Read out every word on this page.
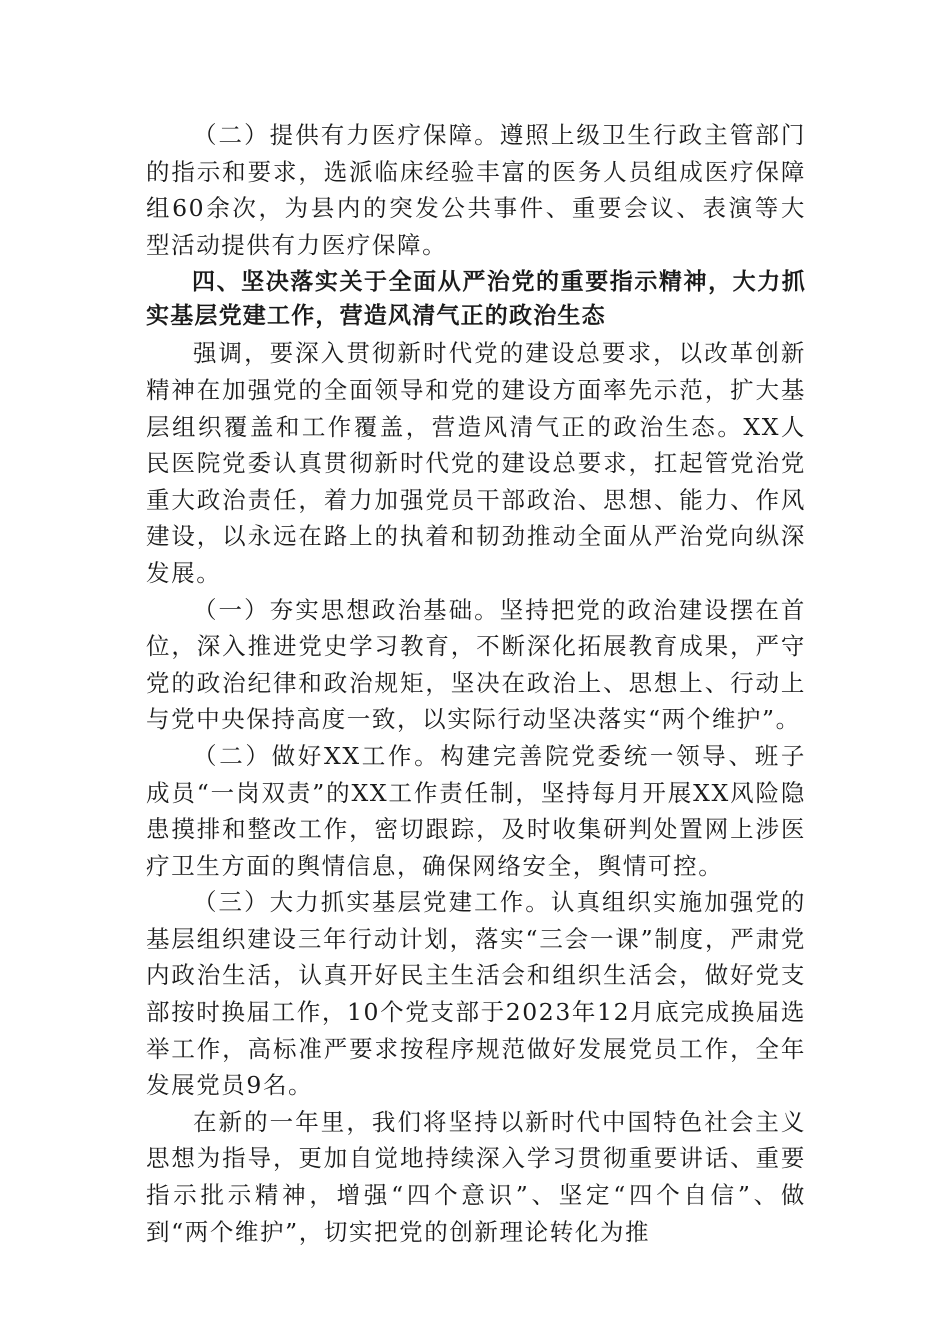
（二）提供有力医疗保障。遵照上级卫生行政主管部门的指示和要求，选派临床经验丰富的医务人员组成医疗保障组60余次，为县内的突发公共事件、重要会议、表演等大型活动提供有力医疗保障。

四、坚决落实关于全面从严治党的重要指示精神，大力抓实基层党建工作，营造风清气正的政治生态

强调，要深入贯彻新时代党的建设总要求，以改革创新精神在加强党的全面领导和党的建设方面率先示范，扩大基层组织覆盖和工作覆盖，营造风清气正的政治生态。XX人民医院党委认真贯彻新时代党的建设总要求，扛起管党治党重大政治责任，着力加强党员干部政治、思想、能力、作风建设，以永远在路上的执着和韧劲推动全面从严治党向纵深发展。

（一）夯实思想政治基础。坚持把党的政治建设摆在首位，深入推进党史学习教育，不断深化拓展教育成果，严守党的政治纪律和政治规矩，坚决在政治上、思想上、行动上与党中央保持高度一致，以实际行动坚决落实“两个维护”。

（二）做好XX工作。构建完善院党委统一领导、班子成员“一岗双责”的XX工作责任制，坚持每月开展XX风险隐患摸排和整改工作，密切跟踪，及时收集研判处置网上涉医疗卫生方面的舆情信息，确保网络安全，舆情可控。

（三）大力抓实基层党建工作。认真组织实施加强党的基层组织建设三年行动计划，落实“三会一课”制度，严肃党内政治生活，认真开好民主生活会和组织生活会，做好党支部按时换届工作，10个党支部于2023年12月底完成换届选举工作，高标准严要求按程序规范做好发展党员工作，全年发展党员9名。

在新的一年里，我们将坚持以新时代中国特色社会主义思想为指导，更加自觉地持续深入学习贯彻重要讲话、重要指示批示精神，增强“四个意识”、坚定“四个自信”、做到“两个维护”，切实把党的创新理论转化为推
